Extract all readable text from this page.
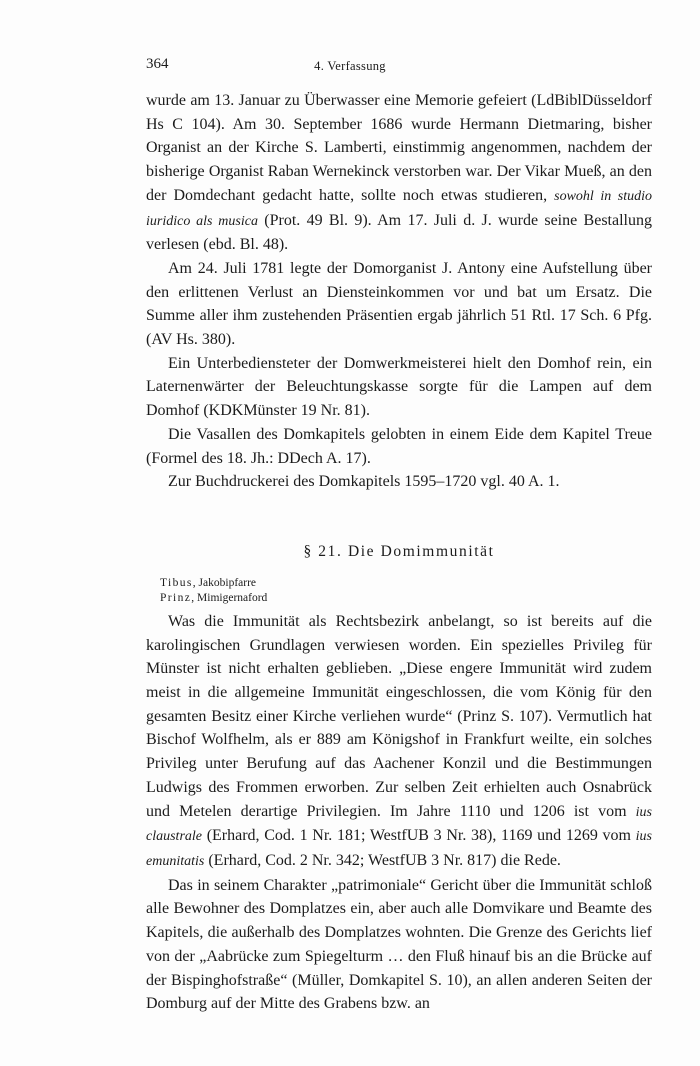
364	4. Verfassung

wurde am 13. Januar zu Überwasser eine Memorie gefeiert (LdBiblDüsseldorf Hs C 104). Am 30. September 1686 wurde Hermann Dietmaring, bisher Organist an der Kirche S. Lamberti, einstimmig angenommen, nachdem der bisherige Organist Raban Wernekinck verstorben war. Der Vikar Mueß, an den der Domdechant gedacht hatte, sollte noch etwas studieren, sowohl in studio iuridico als musica (Prot. 49 Bl. 9). Am 17. Juli d. J. wurde seine Bestallung verlesen (ebd. Bl. 48).

Am 24. Juli 1781 legte der Domorganist J. Antony eine Aufstellung über den erlittenen Verlust an Diensteinkommen vor und bat um Ersatz. Die Summe aller ihm zustehenden Präsentien ergab jährlich 51 Rtl. 17 Sch. 6 Pfg. (AV Hs. 380).

Ein Unterbediensteter der Domwerkmeisterei hielt den Domhof rein, ein Laternenwärter der Beleuchtungskasse sorgte für die Lampen auf dem Domhof (KDKMünster 19 Nr. 81).

Die Vasallen des Domkapitels gelobten in einem Eide dem Kapitel Treue (Formel des 18. Jh.: DDech A. 17).

Zur Buchdruckerei des Domkapitels 1595–1720 vgl. 40 A. 1.

§ 21. Die Domimmunität
Tibus, Jakobipfarre
Prinz, Mimigernaford

Was die Immunität als Rechtsbezirk anbelangt, so ist bereits auf die karolingischen Grundlagen verwiesen worden. Ein spezielles Privileg für Münster ist nicht erhalten geblieben. „Diese engere Immunität wird zudem meist in die allgemeine Immunität eingeschlossen, die vom König für den gesamten Besitz einer Kirche verliehen wurde“ (Prinz S. 107). Vermutlich hat Bischof Wolfhelm, als er 889 am Königshof in Frankfurt weilte, ein solches Privileg unter Berufung auf das Aachener Konzil und die Bestimmungen Ludwigs des Frommen erworben. Zur selben Zeit erhielten auch Osnabrück und Metelen derartige Privilegien. Im Jahre 1110 und 1206 ist vom ius claustrale (Erhard, Cod. 1 Nr. 181; WestfUB 3 Nr. 38), 1169 und 1269 vom ius emunitatis (Erhard, Cod. 2 Nr. 342; WestfUB 3 Nr. 817) die Rede.

Das in seinem Charakter „patrimoniale“ Gericht über die Immunität schloß alle Bewohner des Domplatzes ein, aber auch alle Domvikare und Beamte des Kapitels, die außerhalb des Domplatzes wohnten. Die Grenze des Gerichts lief von der „Aabrücke zum Spiegelturm … den Fluß hinauf bis an die Brücke auf der Bispinghofstraße“ (Müller, Domkapitel S. 10), an allen anderen Seiten der Domburg auf der Mitte des Grabens bzw. an
